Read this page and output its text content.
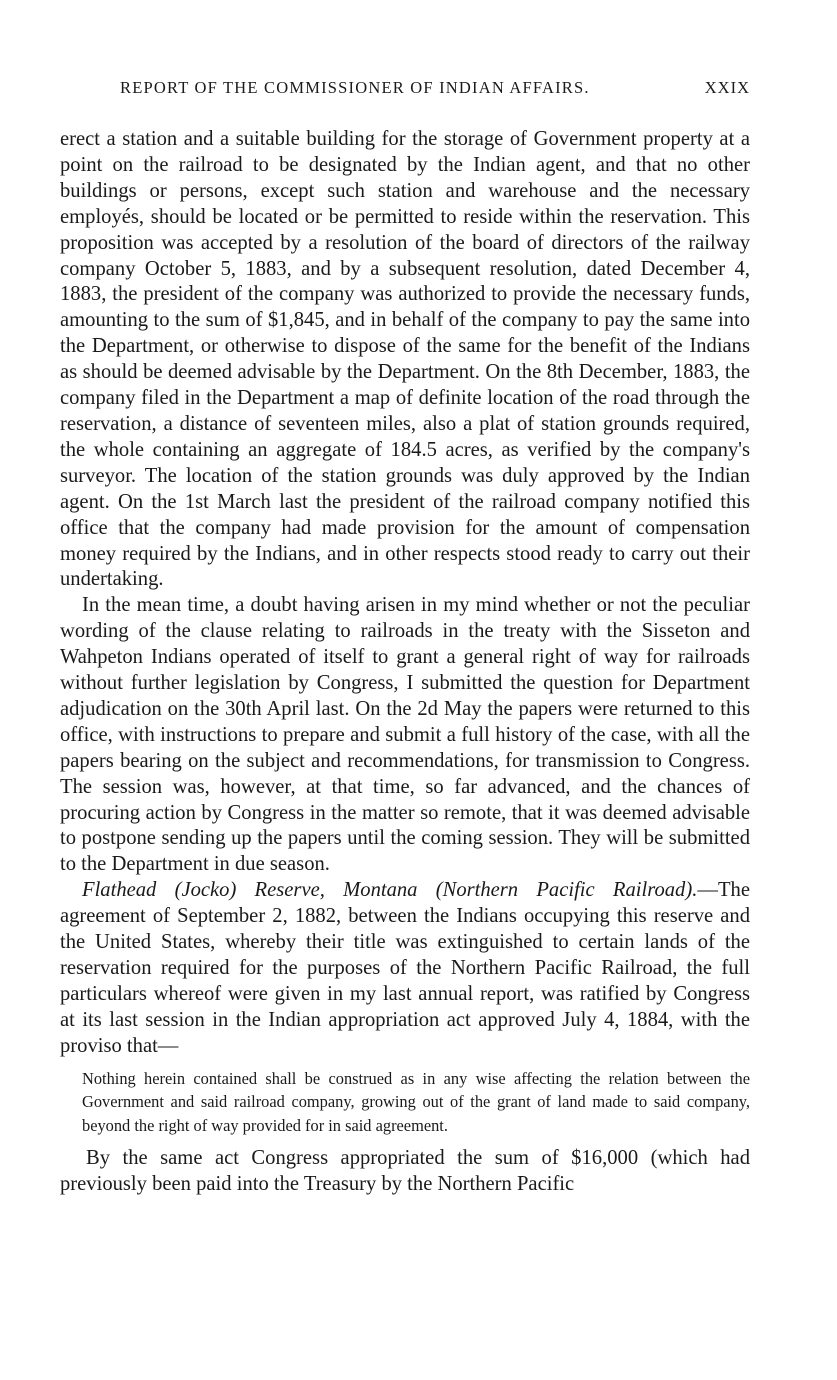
REPORT OF THE COMMISSIONER OF INDIAN AFFAIRS.	XXIX

erect a station and a suitable building for the storage of Government property at a point on the railroad to be designated by the Indian agent, and that no other buildings or persons, except such station and warehouse and the necessary employés, should be located or be permitted to reside within the reservation. This proposition was accepted by a resolution of the board of directors of the railway company October 5, 1883, and by a subsequent resolution, dated December 4, 1883, the president of the company was authorized to provide the necessary funds, amounting to the sum of $1,845, and in behalf of the company to pay the same into the Department, or otherwise to dispose of the same for the benefit of the Indians as should be deemed advisable by the Department. On the 8th December, 1883, the company filed in the Department a map of definite location of the road through the reservation, a distance of seventeen miles, also a plat of station grounds required, the whole containing an aggregate of 184.5 acres, as verified by the company's surveyor. The location of the station grounds was duly approved by the Indian agent. On the 1st March last the president of the railroad company notified this office that the company had made provision for the amount of compensation money required by the Indians, and in other respects stood ready to carry out their undertaking.

In the mean time, a doubt having arisen in my mind whether or not the peculiar wording of the clause relating to railroads in the treaty with the Sisseton and Wahpeton Indians operated of itself to grant a general right of way for railroads without further legislation by Congress, I submitted the question for Department adjudication on the 30th April last. On the 2d May the papers were returned to this office, with instructions to prepare and submit a full history of the case, with all the papers bearing on the subject and recommendations, for transmission to Congress. The session was, however, at that time, so far advanced, and the chances of procuring action by Congress in the matter so remote, that it was deemed advisable to postpone sending up the papers until the coming session. They will be submitted to the Department in due season.

Flathead (Jocko) Reserve, Montana (Northern Pacific Railroad).—The agreement of September 2, 1882, between the Indians occupying this reserve and the United States, whereby their title was extinguished to certain lands of the reservation required for the purposes of the Northern Pacific Railroad, the full particulars whereof were given in my last annual report, was ratified by Congress at its last session in the Indian appropriation act approved July 4, 1884, with the proviso that—

Nothing herein contained shall be construed as in any wise affecting the relation between the Government and said railroad company, growing out of the grant of land made to said company, beyond the right of way provided for in said agreement.

By the same act Congress appropriated the sum of $16,000 (which had previously been paid into the Treasury by the Northern Pacific
